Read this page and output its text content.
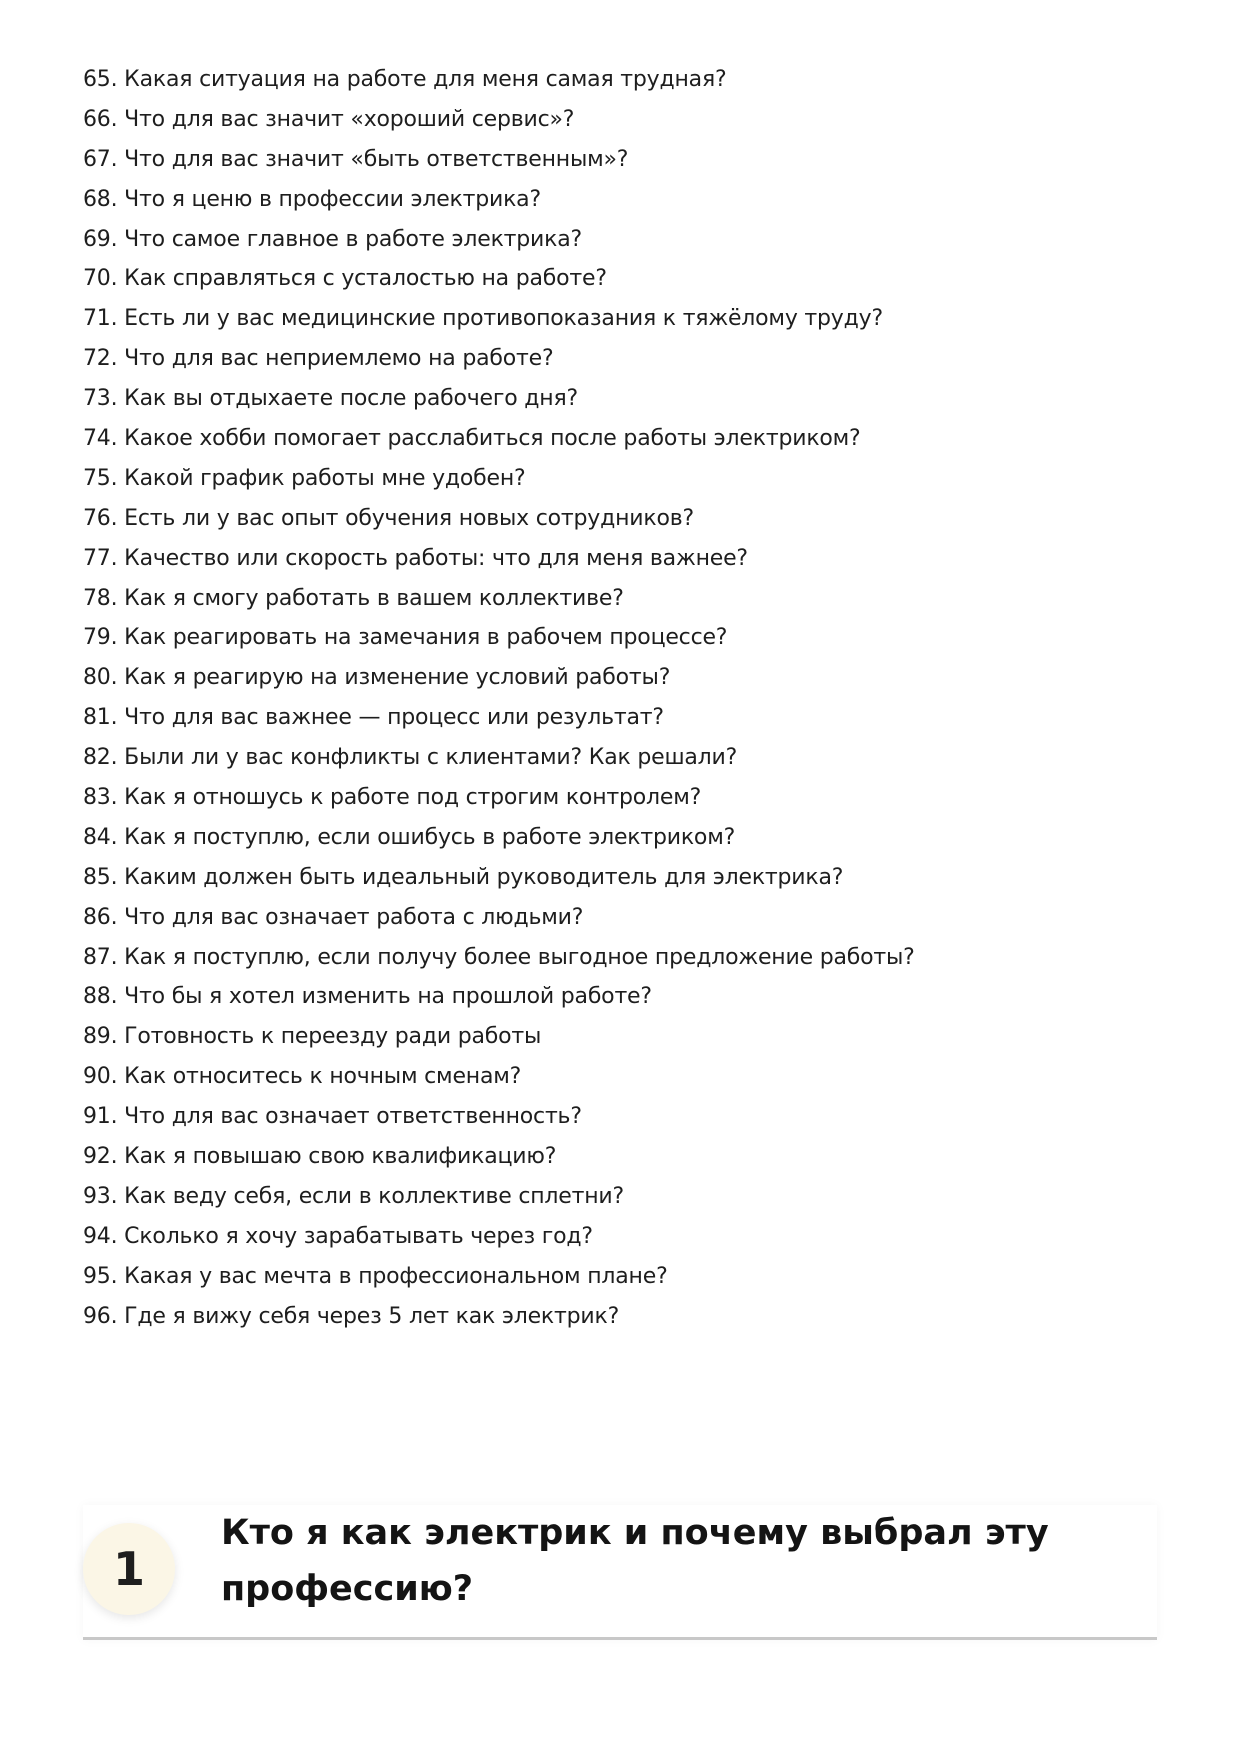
65. Какая ситуация на работе для меня самая трудная?
66. Что для вас значит «хороший сервис»?
67. Что для вас значит «быть ответственным»?
68. Что я ценю в профессии электрика?
69. Что самое главное в работе электрика?
70. Как справляться с усталостью на работе?
71. Есть ли у вас медицинские противопоказания к тяжёлому труду?
72. Что для вас неприемлемо на работе?
73. Как вы отдыхаете после рабочего дня?
74. Какое хобби помогает расслабиться после работы электриком?
75. Какой график работы мне удобен?
76. Есть ли у вас опыт обучения новых сотрудников?
77. Качество или скорость работы: что для меня важнее?
78. Как я смогу работать в вашем коллективе?
79. Как реагировать на замечания в рабочем процессе?
80. Как я реагирую на изменение условий работы?
81. Что для вас важнее — процесс или результат?
82. Были ли у вас конфликты с клиентами? Как решали?
83. Как я отношусь к работе под строгим контролем?
84. Как я поступлю, если ошибусь в работе электриком?
85. Каким должен быть идеальный руководитель для электрика?
86. Что для вас означает работа с людьми?
87. Как я поступлю, если получу более выгодное предложение работы?
88. Что бы я хотел изменить на прошлой работе?
89. Готовность к переезду ради работы
90. Как относитесь к ночным сменам?
91. Что для вас означает ответственность?
92. Как я повышаю свою квалификацию?
93. Как веду себя, если в коллективе сплетни?
94. Сколько я хочу зарабатывать через год?
95. Какая у вас мечта в профессиональном плане?
96. Где я вижу себя через 5 лет как электрик?
1
Кто я как электрик и почему выбрал эту профессию?
